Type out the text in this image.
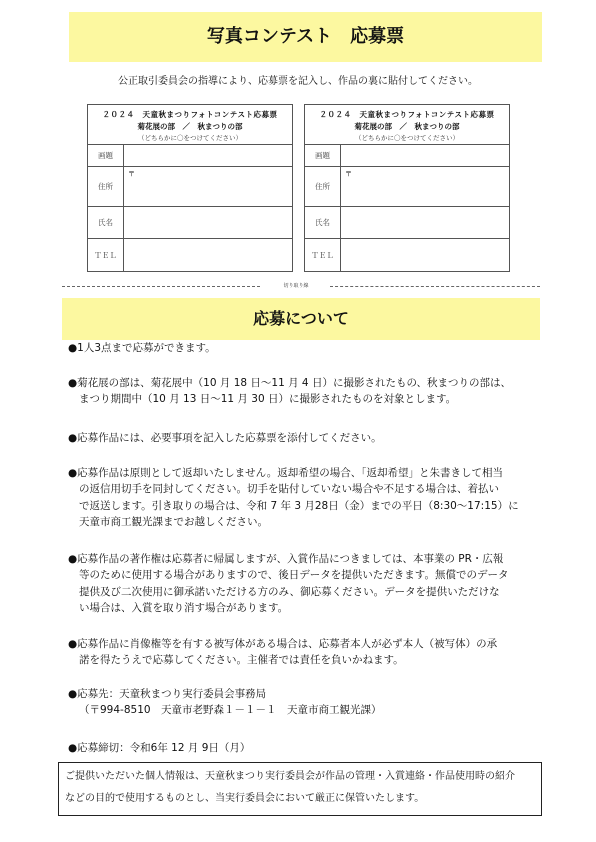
写真コンテスト　応募票
公正取引委員会の指導により、応募票を記入し、作品の裏に貼付してください。
２０２４　天童秋まつりフォトコンテスト応募票
菊花展の部　／　秋まつりの部
（どちらかに〇をつけてください）
画題
住所
〒
氏名
ＴＥＬ
２０２４　天童秋まつりフォトコンテスト応募票
菊花展の部　／　秋まつりの部
（どちらかに〇をつけてください）
画題
住所
〒
氏名
ＴＥＬ
切り取り線
応募について
●1人3点まで応募ができます。
●菊花展の部は、菊花展中（10 月 18 日～11 月 4 日）に撮影されたもの、秋まつりの部は、
まつり期間中（10 月 13 日～11 月 30 日）に撮影されたものを対象とします。
●応募作品には、必要事項を記入した応募票を添付してください。
●応募作品は原則として返却いたしません。返却希望の場合、「返却希望」と朱書きして相当
の返信用切手を同封してください。切手を貼付していない場合や不足する場合は、着払い
で返送します。引き取りの場合は、令和 7 年 3 月28日（金）までの平日（8:30～17:15）に
天童市商工観光課までお越しください。
●応募作品の著作権は応募者に帰属しますが、入賞作品につきましては、本事業の PR・広報
等のために使用する場合がありますので、後日データを提供いただきます。無償でのデータ
提供及び二次使用に御承諾いただける方のみ、御応募ください。データを提供いただけな
い場合は、入賞を取り消す場合があります。
●応募作品に肖像権等を有する被写体がある場合は、応募者本人が必ず本人（被写体）の承
諾を得たうえで応募してください。主催者では責任を負いかねます。
●応募先：天童秋まつり実行委員会事務局
（〒994-8510　天童市老野森１－１－１　天童市商工観光課）
●応募締切：令和6年 12 月 9日（月）
ご提供いただいた個人情報は、天童秋まつり実行委員会が作品の管理・入賞連絡・作品使用時の紹介
などの目的で使用するものとし、当実行委員会において厳正に保管いたします。
